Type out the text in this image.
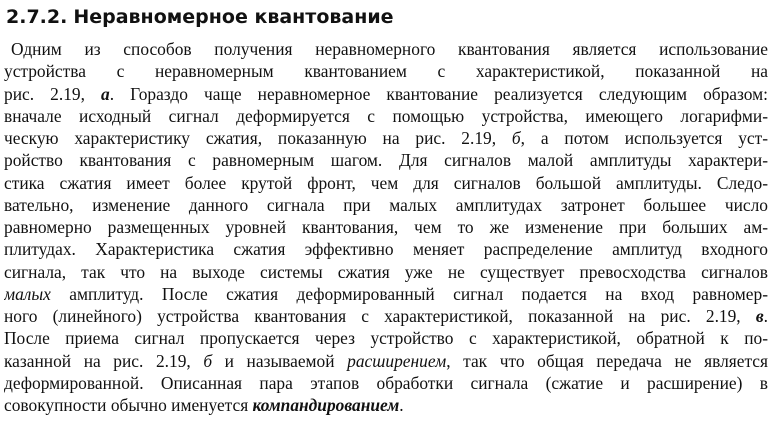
2.7.2. Неравномерное квантование
Одним из способов получения неравномерного квантования является использование
устройства с неравномерным квантованием с характеристикой, показанной на
рис. 2.19, а. Гораздо чаще неравномерное квантование реализуется следующим образом:
вначале исходный сигнал деформируется с помощью устройства, имеющего логарифми-
ческую характеристику сжатия, показанную на рис. 2.19, б, а потом используется уст-
ройство квантования с равномерным шагом. Для сигналов малой амплитуды характери-
стика сжатия имеет более крутой фронт, чем для сигналов большой амплитуды. Следо-
вательно, изменение данного сигнала при малых амплитудах затронет большее число
равномерно размещенных уровней квантования, чем то же изменение при больших ам-
плитудах. Характеристика сжатия эффективно меняет распределение амплитуд входного
сигнала, так что на выходе системы сжатия уже не существует превосходства сигналов
малых амплитуд. После сжатия деформированный сигнал подается на вход равномер-
ного (линейного) устройства квантования с характеристикой, показанной на рис. 2.19, в.
После приема сигнал пропускается через устройство с характеристикой, обратной к по-
казанной на рис. 2.19, б и называемой расширением, так что общая передача не является
деформированной. Описанная пара этапов обработки сигнала (сжатие и расширение) в
совокупности обычно именуется компандированием.
